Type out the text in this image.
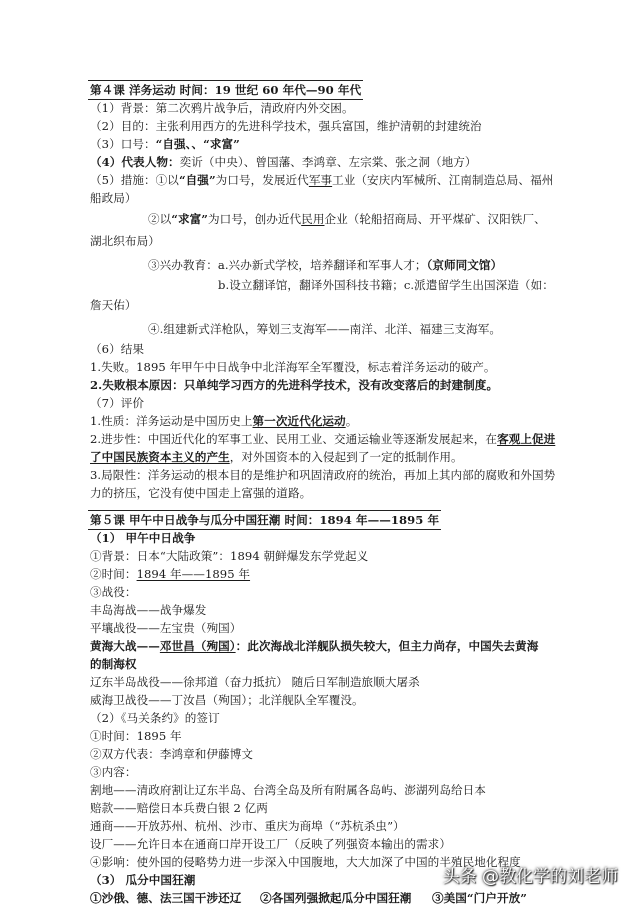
第４课 洋务运动 时间：19 世纪 60 年代—90 年代
（1）背景：第二次鸦片战争后，清政府内外交困。
（2）目的：主张利用西方的先进科学技术，强兵富国，维护清朝的封建统治
（3）口号：“自强、、“求富”
（4）代表人物：奕䜣（中央）、曾国藩、李鸿章、左宗棠、张之洞（地方）
（5）措施：①以“自强”为口号，发展近代军事工业（安庆内军械所、江南制造总局、福州
船政局）
②以“求富”为口号，创办近代民用企业（轮船招商局、开平煤矿、汉阳铁厂、
湖北织布局）
③兴办教育：a.兴办新式学校，培养翻译和军事人才；（京师同文馆）
b.设立翻译馆，翻译外国科技书籍；c.派遣留学生出国深造（如：
詹天佑）
④.组建新式洋枪队，筹划三支海军——南洋、北洋、福建三支海军。
（6）结果
1.失败。1895 年甲午中日战争中北洋海军全军覆没，标志着洋务运动的破产。
2.失败根本原因：只单纯学习西方的先进科学技术，没有改变落后的封建制度。
（7）评价
1.性质：洋务运动是中国历史上第一次近代化运动。
2.进步性：中国近代化的军事工业、民用工业、交通运输业等逐渐发展起来，在客观上促进
了中国民族资本主义的产生，对外国资本的入侵起到了一定的抵制作用。
3.局限性：洋务运动的根本目的是维护和巩固清政府的统治，再加上其内部的腐败和外国势
力的挤压，它没有使中国走上富强的道路。
第５课 甲午中日战争与瓜分中国狂潮 时间：1894 年——1895 年
（1） 甲午中日战争
①背景：日本“大陆政策”：1894 朝鲜爆发东学党起义
②时间：1894 年——1895 年
③战役：
丰岛海战——战争爆发
平壤战役——左宝贵（殉国）
黄海大战——邓世昌（殉国）：此次海战北洋舰队损失较大，但主力尚存，中国失去黄海
的制海权
辽东半岛战役——徐邦道（奋力抵抗） 随后日军制造旅顺大屠杀
威海卫战役——丁汝昌（殉国）；北洋舰队全军覆没。
（2）《马关条约》的签订
①时间：1895 年
②双方代表：李鸿章和伊藤博文
③内容：
割地——清政府割让辽东半岛、台湾全岛及所有附属各岛屿、澎湖列岛给日本
赔款——赔偿日本兵费白银 2 亿两
通商——开放苏州、杭州、沙市、重庆为商埠（“苏杭杀虫”）
设厂——允许日本在通商口岸开设工厂（反映了列强资本输出的需求）
④影响：使外国的侵略势力进一步深入中国腹地，大大加深了中国的半殖民地化程度
（3） 瓜分中国狂潮
①沙俄、德、法三国干涉还辽 ②各国列强掀起瓜分中国狂潮 ③美国“门户开放”
头条 @教化学的刘老师
